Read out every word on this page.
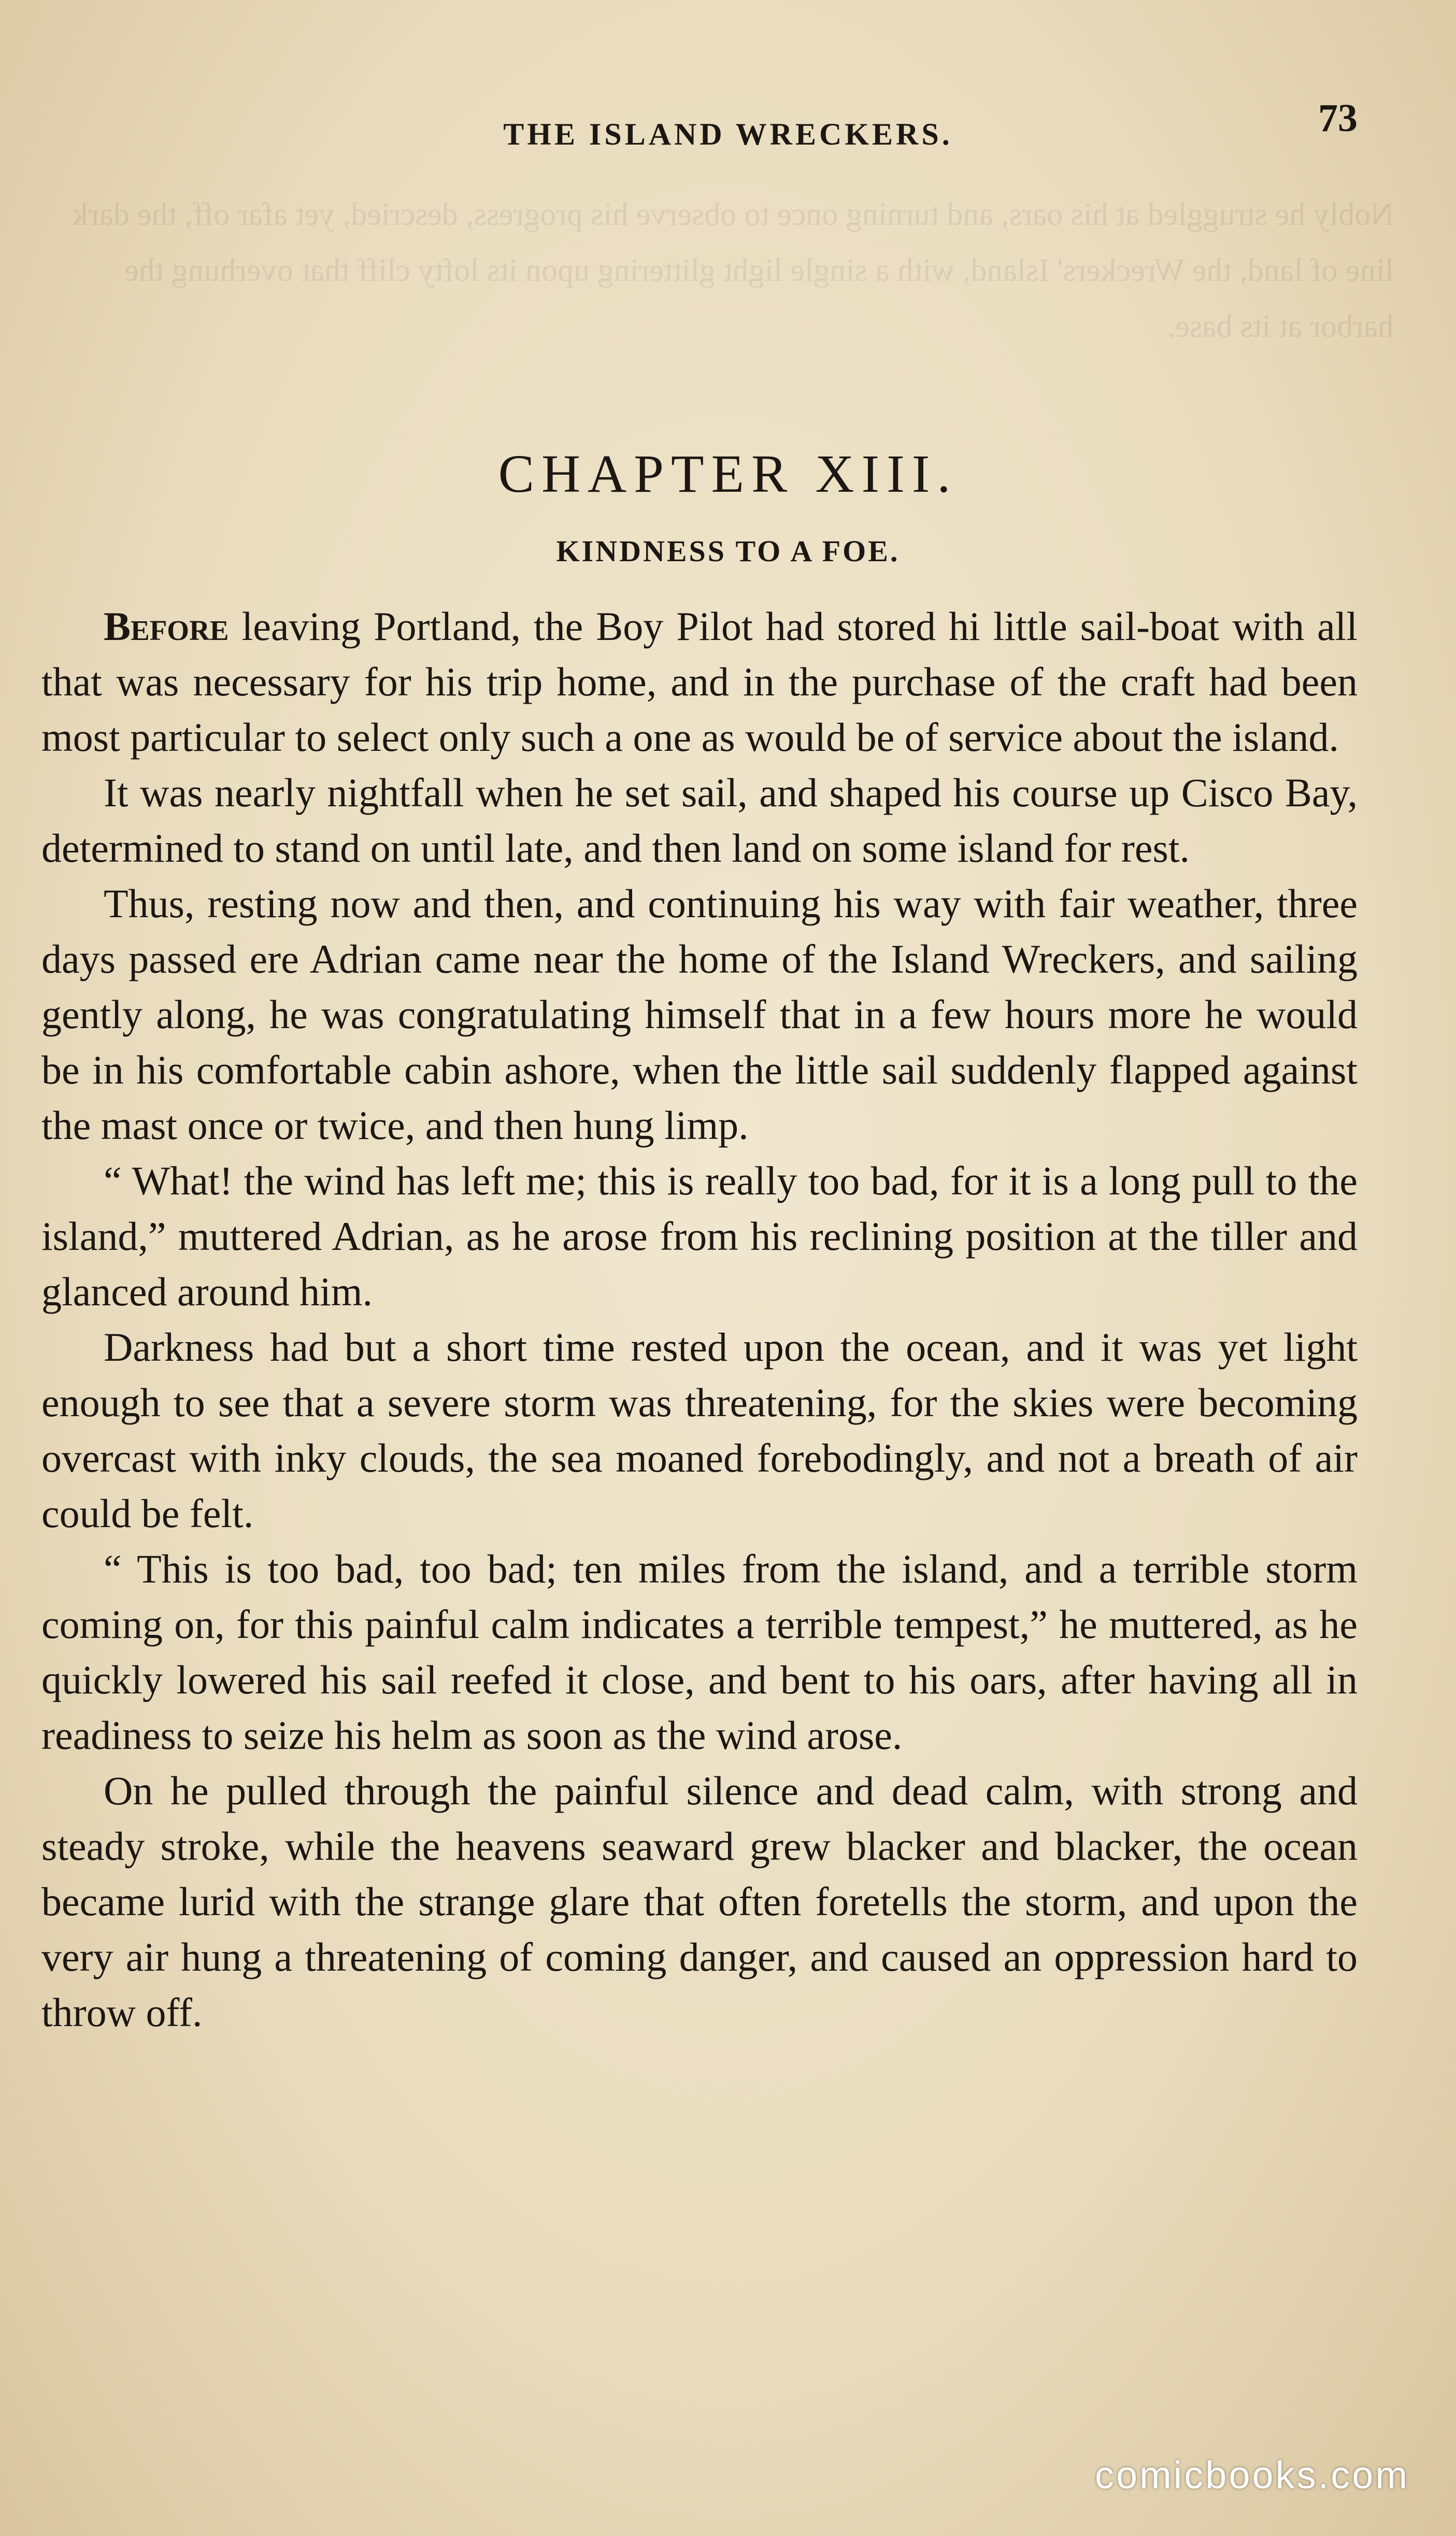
Nobly he struggled at his oars, and turning once to observe his progress, descried, yet afar off, the dark line of land, the Wreckers' Island, with a single light glittering upon its lofty cliff that overhung the harbor at its base.
THE ISLAND WRECKERS.	73
CHAPTER XIII.
KINDNESS TO A FOE.

Before leaving Portland, the Boy Pilot had stored hi little sail-boat with all that was necessary for his trip home, and in the purchase of the craft had been most particular to select only such a one as would be of service about the island.

It was nearly nightfall when he set sail, and shaped his course up Cisco Bay, determined to stand on until late, and then land on some island for rest.

Thus, resting now and then, and continuing his way with fair weather, three days passed ere Adrian came near the home of the Island Wreckers, and sailing gently along, he was congratulating himself that in a few hours more he would be in his comfortable cabin ashore, when the little sail suddenly flapped against the mast once or twice, and then hung limp.

“ What! the wind has left me; this is really too bad, for it is a long pull to the island,” muttered Adrian, as he arose from his reclining position at the tiller and glanced around him.

Darkness had but a short time rested upon the ocean, and it was yet light enough to see that a severe storm was threatening, for the skies were becoming overcast with inky clouds, the sea moaned forebodingly, and not a breath of air could be felt.

“ This is too bad, too bad; ten miles from the island, and a terrible storm coming on, for this painful calm indicates a terrible tempest,” he muttered, as he quickly lowered his sail reefed it close, and bent to his oars, after having all in readiness to seize his helm as soon as the wind arose.

On he pulled through the painful silence and dead calm, with strong and steady stroke, while the heavens seaward grew blacker and blacker, the ocean became lurid with the strange glare that often foretells the storm, and upon the very air hung a threatening of coming danger, and caused an oppression hard to throw off.

comicbooks.com
